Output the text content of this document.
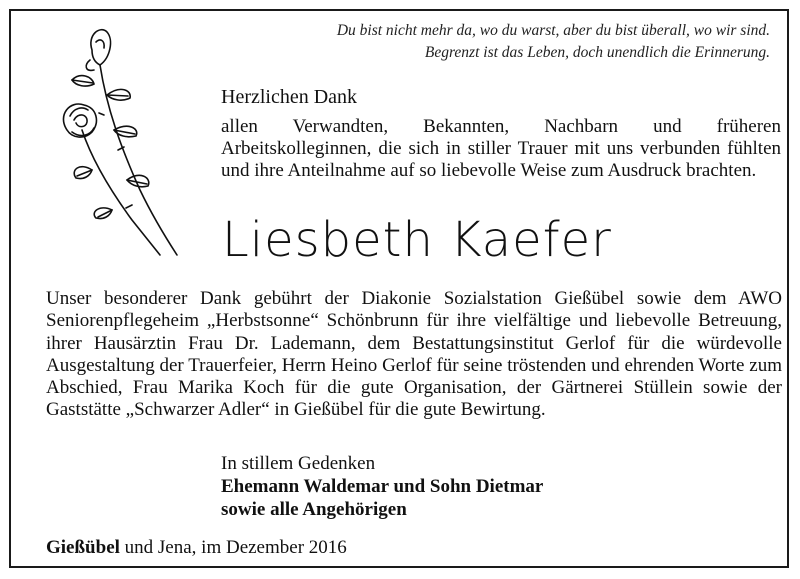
Du bist nicht mehr da, wo du warst, aber du bist überall, wo wir sind.
Begrenzt ist das Leben, doch unendlich die Erinnerung.
Herzlichen Dank
allen Verwandten, Bekannten, Nachbarn und früheren Arbeitskolleginnen, die sich in stiller Trauer mit uns verbunden fühlten und ihre Anteilnahme auf so liebevolle Weise zum Ausdruck brachten.
Liesbeth Kaefer
Unser besonderer Dank gebührt der Diakonie Sozialstation Gießübel sowie dem AWO Seniorenpflegeheim „Herbstsonne“ Schönbrunn für ihre vielfältige und liebevolle Betreuung, ihrer Hausärztin Frau Dr. Lademann, dem Bestattungsinstitut Gerlof für die würdevolle Ausgestaltung der Trauerfeier, Herrn Heino Gerlof für seine tröstenden und ehrenden Worte zum Abschied, Frau Marika Koch für die gute Organisation, der Gärtnerei Stüllein sowie der Gaststätte „Schwarzer Adler“ in Gießübel für die gute Bewirtung.
In stillem Gedenken
Ehemann Waldemar und Sohn Dietmar
sowie alle Angehörigen
Gießübel und Jena, im Dezember 2016
